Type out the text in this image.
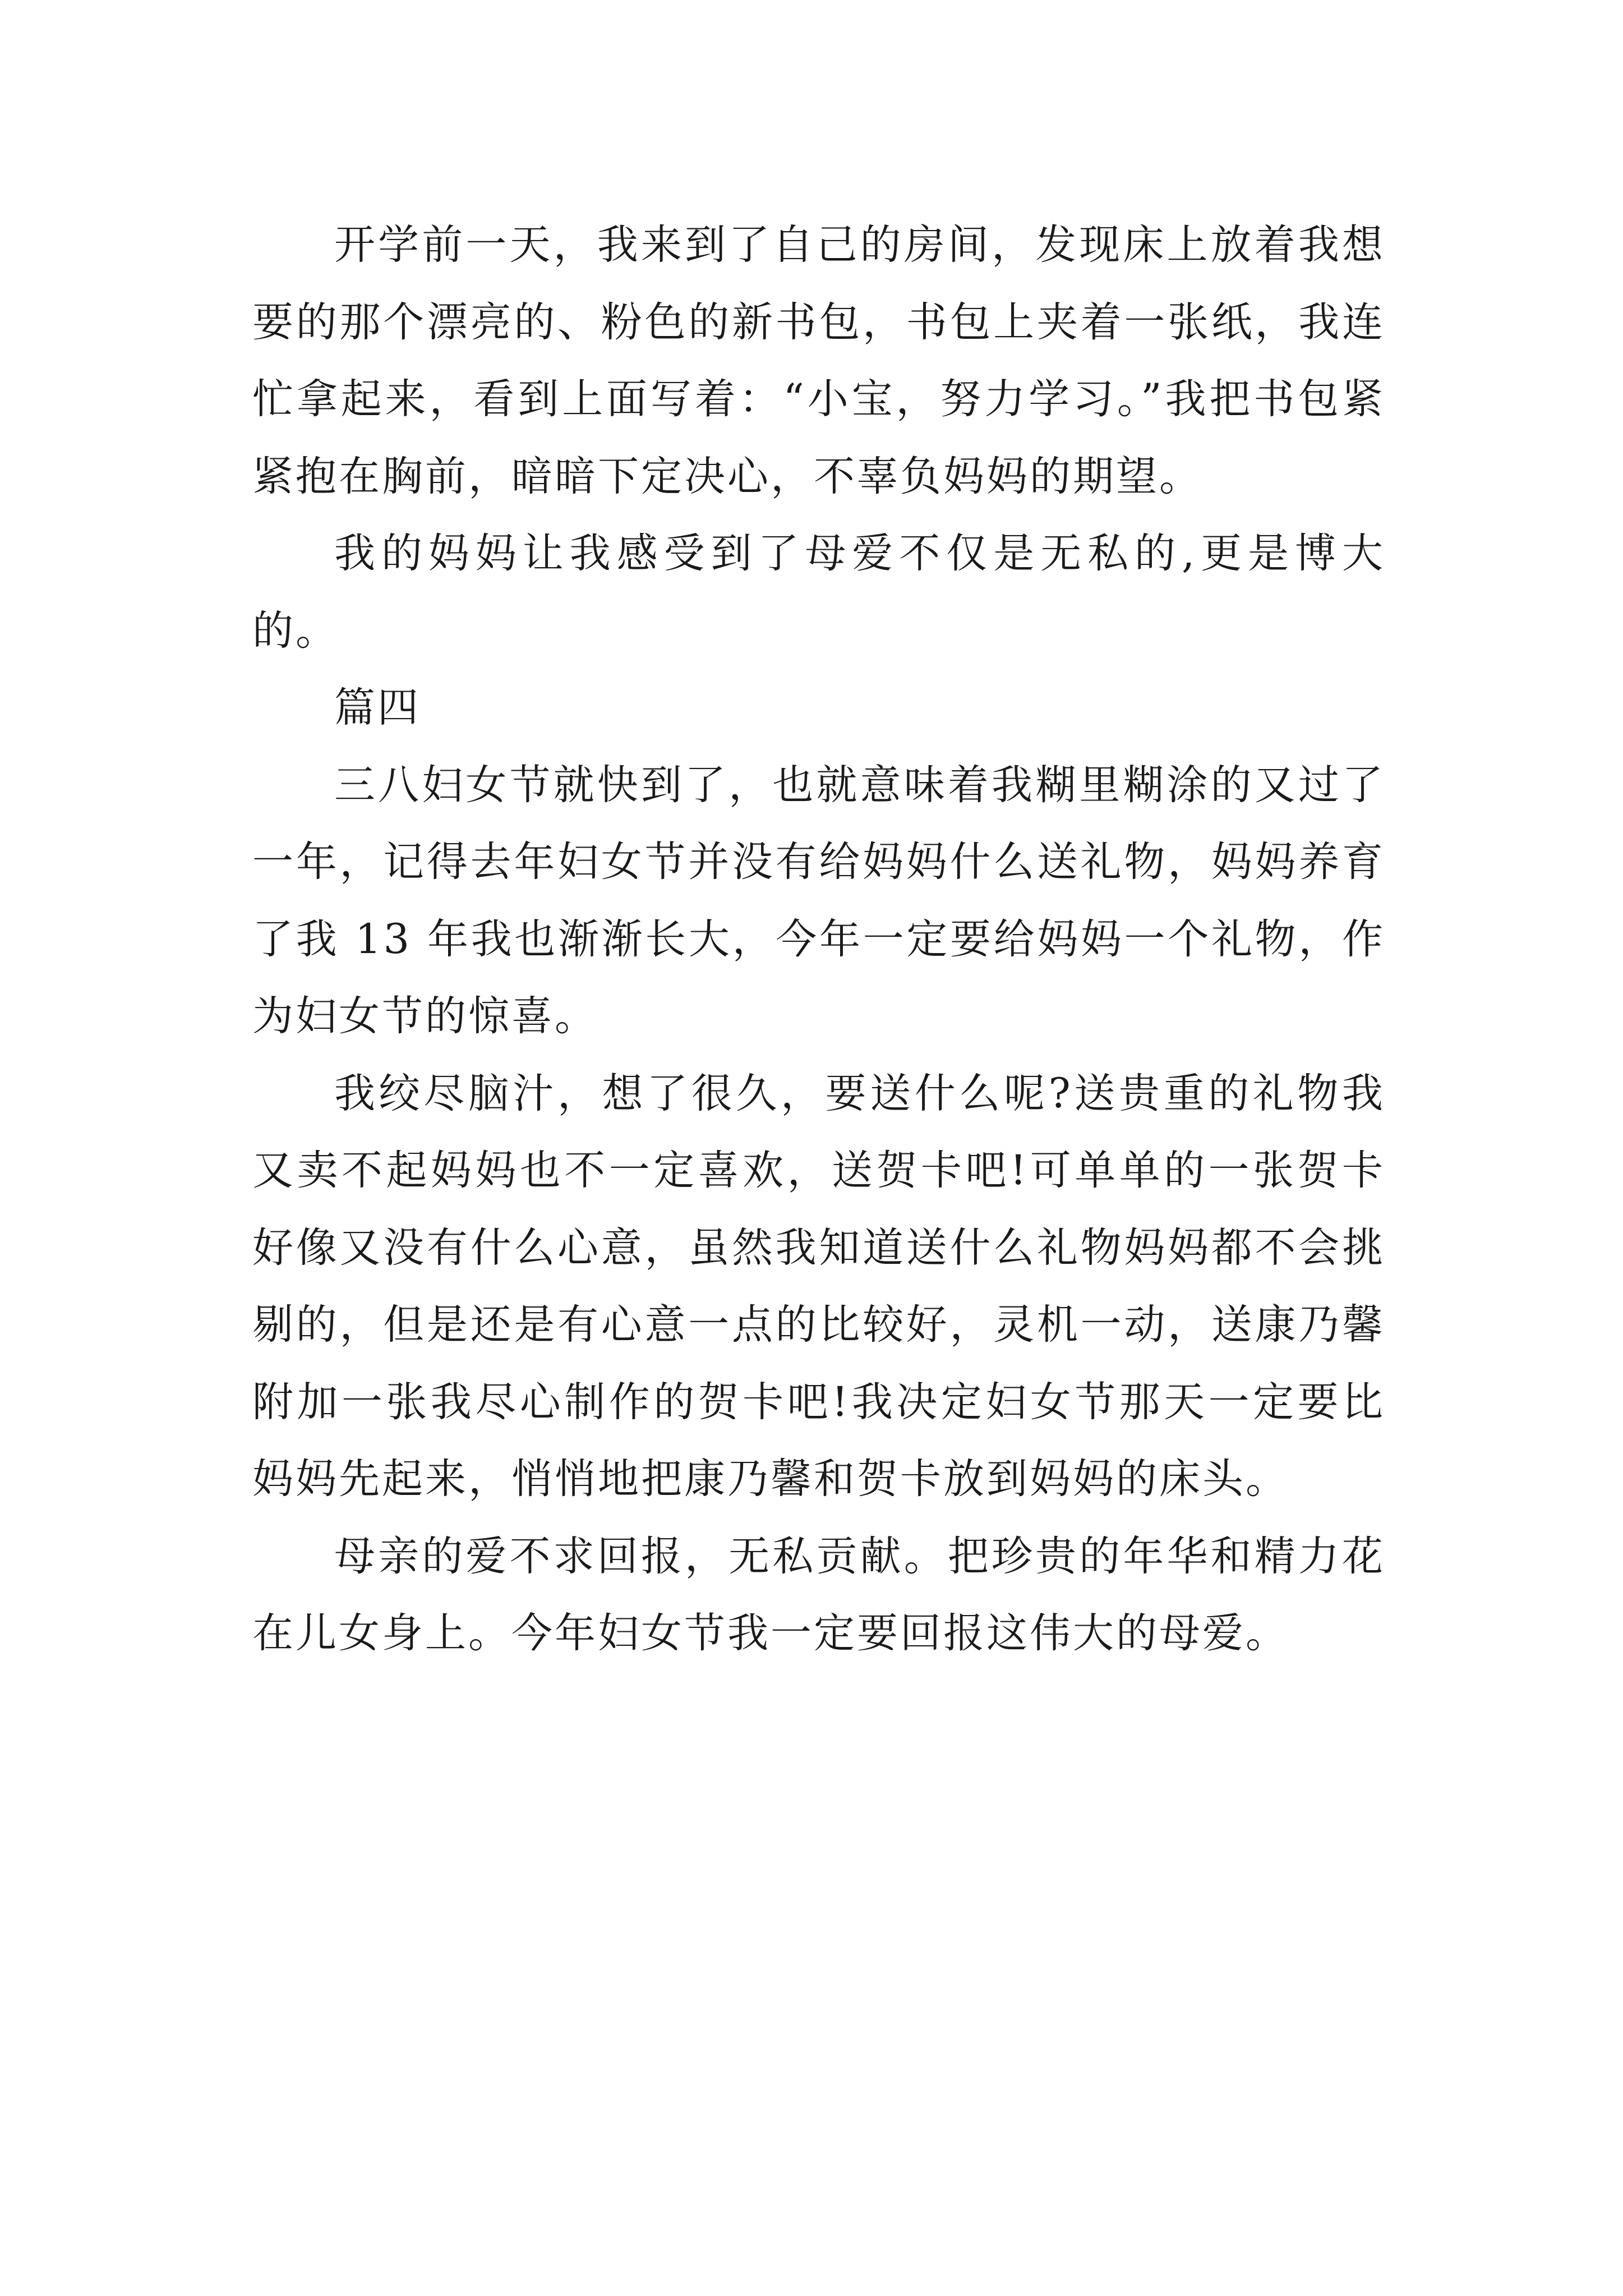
开学前一天，我来到了自己的房间，发现床上放着我想要的那个漂亮的、粉色的新书包，书包上夹着一张纸，我连忙拿起来，看到上面写着：“小宝，努力学习。”我把书包紧紧抱在胸前，暗暗下定决心，不辜负妈妈的期望。

我的妈妈让我感受到了母爱不仅是无私的,更是博大的。

篇四

三八妇女节就快到了，也就意味着我糊里糊涂的又过了一年，记得去年妇女节并没有给妈妈什么送礼物，妈妈养育了我 13 年我也渐渐长大，今年一定要给妈妈一个礼物，作为妇女节的惊喜。

我绞尽脑汁，想了很久，要送什么呢?送贵重的礼物我又卖不起妈妈也不一定喜欢，送贺卡吧!可单单的一张贺卡好像又没有什么心意，虽然我知道送什么礼物妈妈都不会挑剔的，但是还是有心意一点的比较好，灵机一动，送康乃馨附加一张我尽心制作的贺卡吧!我决定妇女节那天一定要比妈妈先起来，悄悄地把康乃馨和贺卡放到妈妈的床头。

母亲的爱不求回报，无私贡献。把珍贵的年华和精力花在儿女身上。今年妇女节我一定要回报这伟大的母爱。
